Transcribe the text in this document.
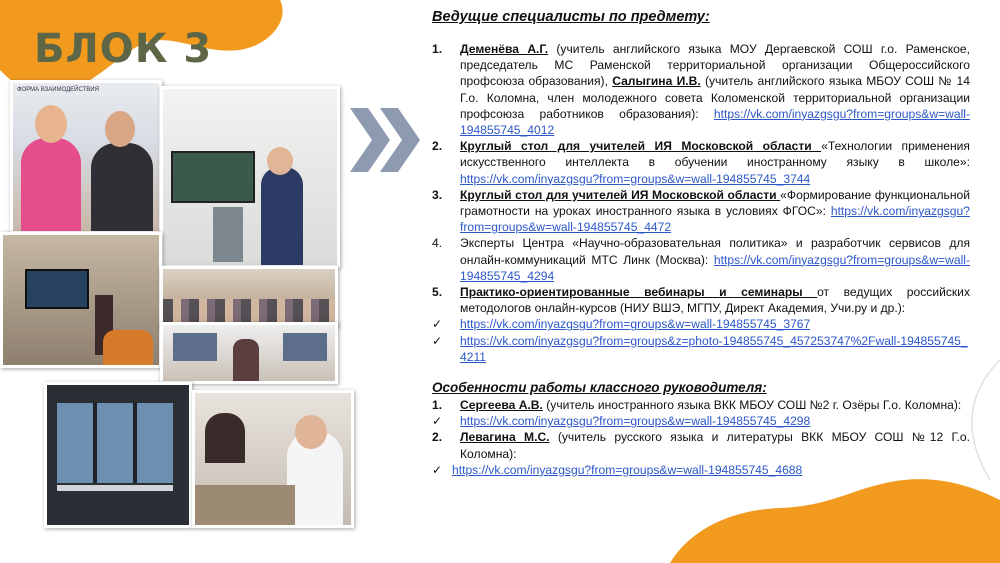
БЛОК 3
ФОРМА ВЗАИМОДЕЙСТВИЯ

Ведущие специалисты по предмету:

1.	Деменёва А.Г. (учитель английского языка МОУ Дергаевской СОШ г.о. Раменское, председатель МС Раменской территориальной организации Общероссийского профсоюза образования), Салыгина И.В. (учитель английского языка МБОУ СОШ № 14 Г.о. Коломна, член молодежного совета Коломенской территориальной организации профсоюза работников образования): https://vk.com/inyazgsgu?from=groups&w=wall-194855745_4012
2.	Круглый стол для учителей ИЯ Московской области «Технологии применения искусственного интеллекта в обучении иностранному языку в школе»: https://vk.com/inyazgsgu?from=groups&w=wall-194855745_3744
3.	Круглый стол для учителей ИЯ Московской области «Формирование функциональной грамотности на уроках иностранного языка в условиях ФГОС»: https://vk.com/inyazgsgu?from=groups&w=wall-194855745_4472
4.	Эксперты Центра «Научно-образовательная политика» и разработчик сервисов для онлайн-коммуникаций МТС Линк (Москва): https://vk.com/inyazgsgu?from=groups&w=wall-194855745_4294
5.	Практико-ориентированные вебинары и семинары от ведущих российских методологов онлайн-курсов (НИУ ВШЭ, МГПУ, Директ Академия, Учи.ру и др.):
✓	https://vk.com/inyazgsgu?from=groups&w=wall-194855745_3767
✓	https://vk.com/inyazgsgu?from=groups&z=photo-194855745_457253747%2Fwall-194855745_4211

Особенности работы классного руководителя:

1.	Сергеева А.В. (учитель иностранного языка ВКК МБОУ СОШ №2 г. Озёры Г.о. Коломна):
✓	https://vk.com/inyazgsgu?from=groups&w=wall-194855745_4298
2.	Левагина М.С. (учитель русского языка и литературы ВКК МБОУ СОШ №12 Г.о. Коломна):
✓ https://vk.com/inyazgsgu?from=groups&w=wall-194855745_4688
